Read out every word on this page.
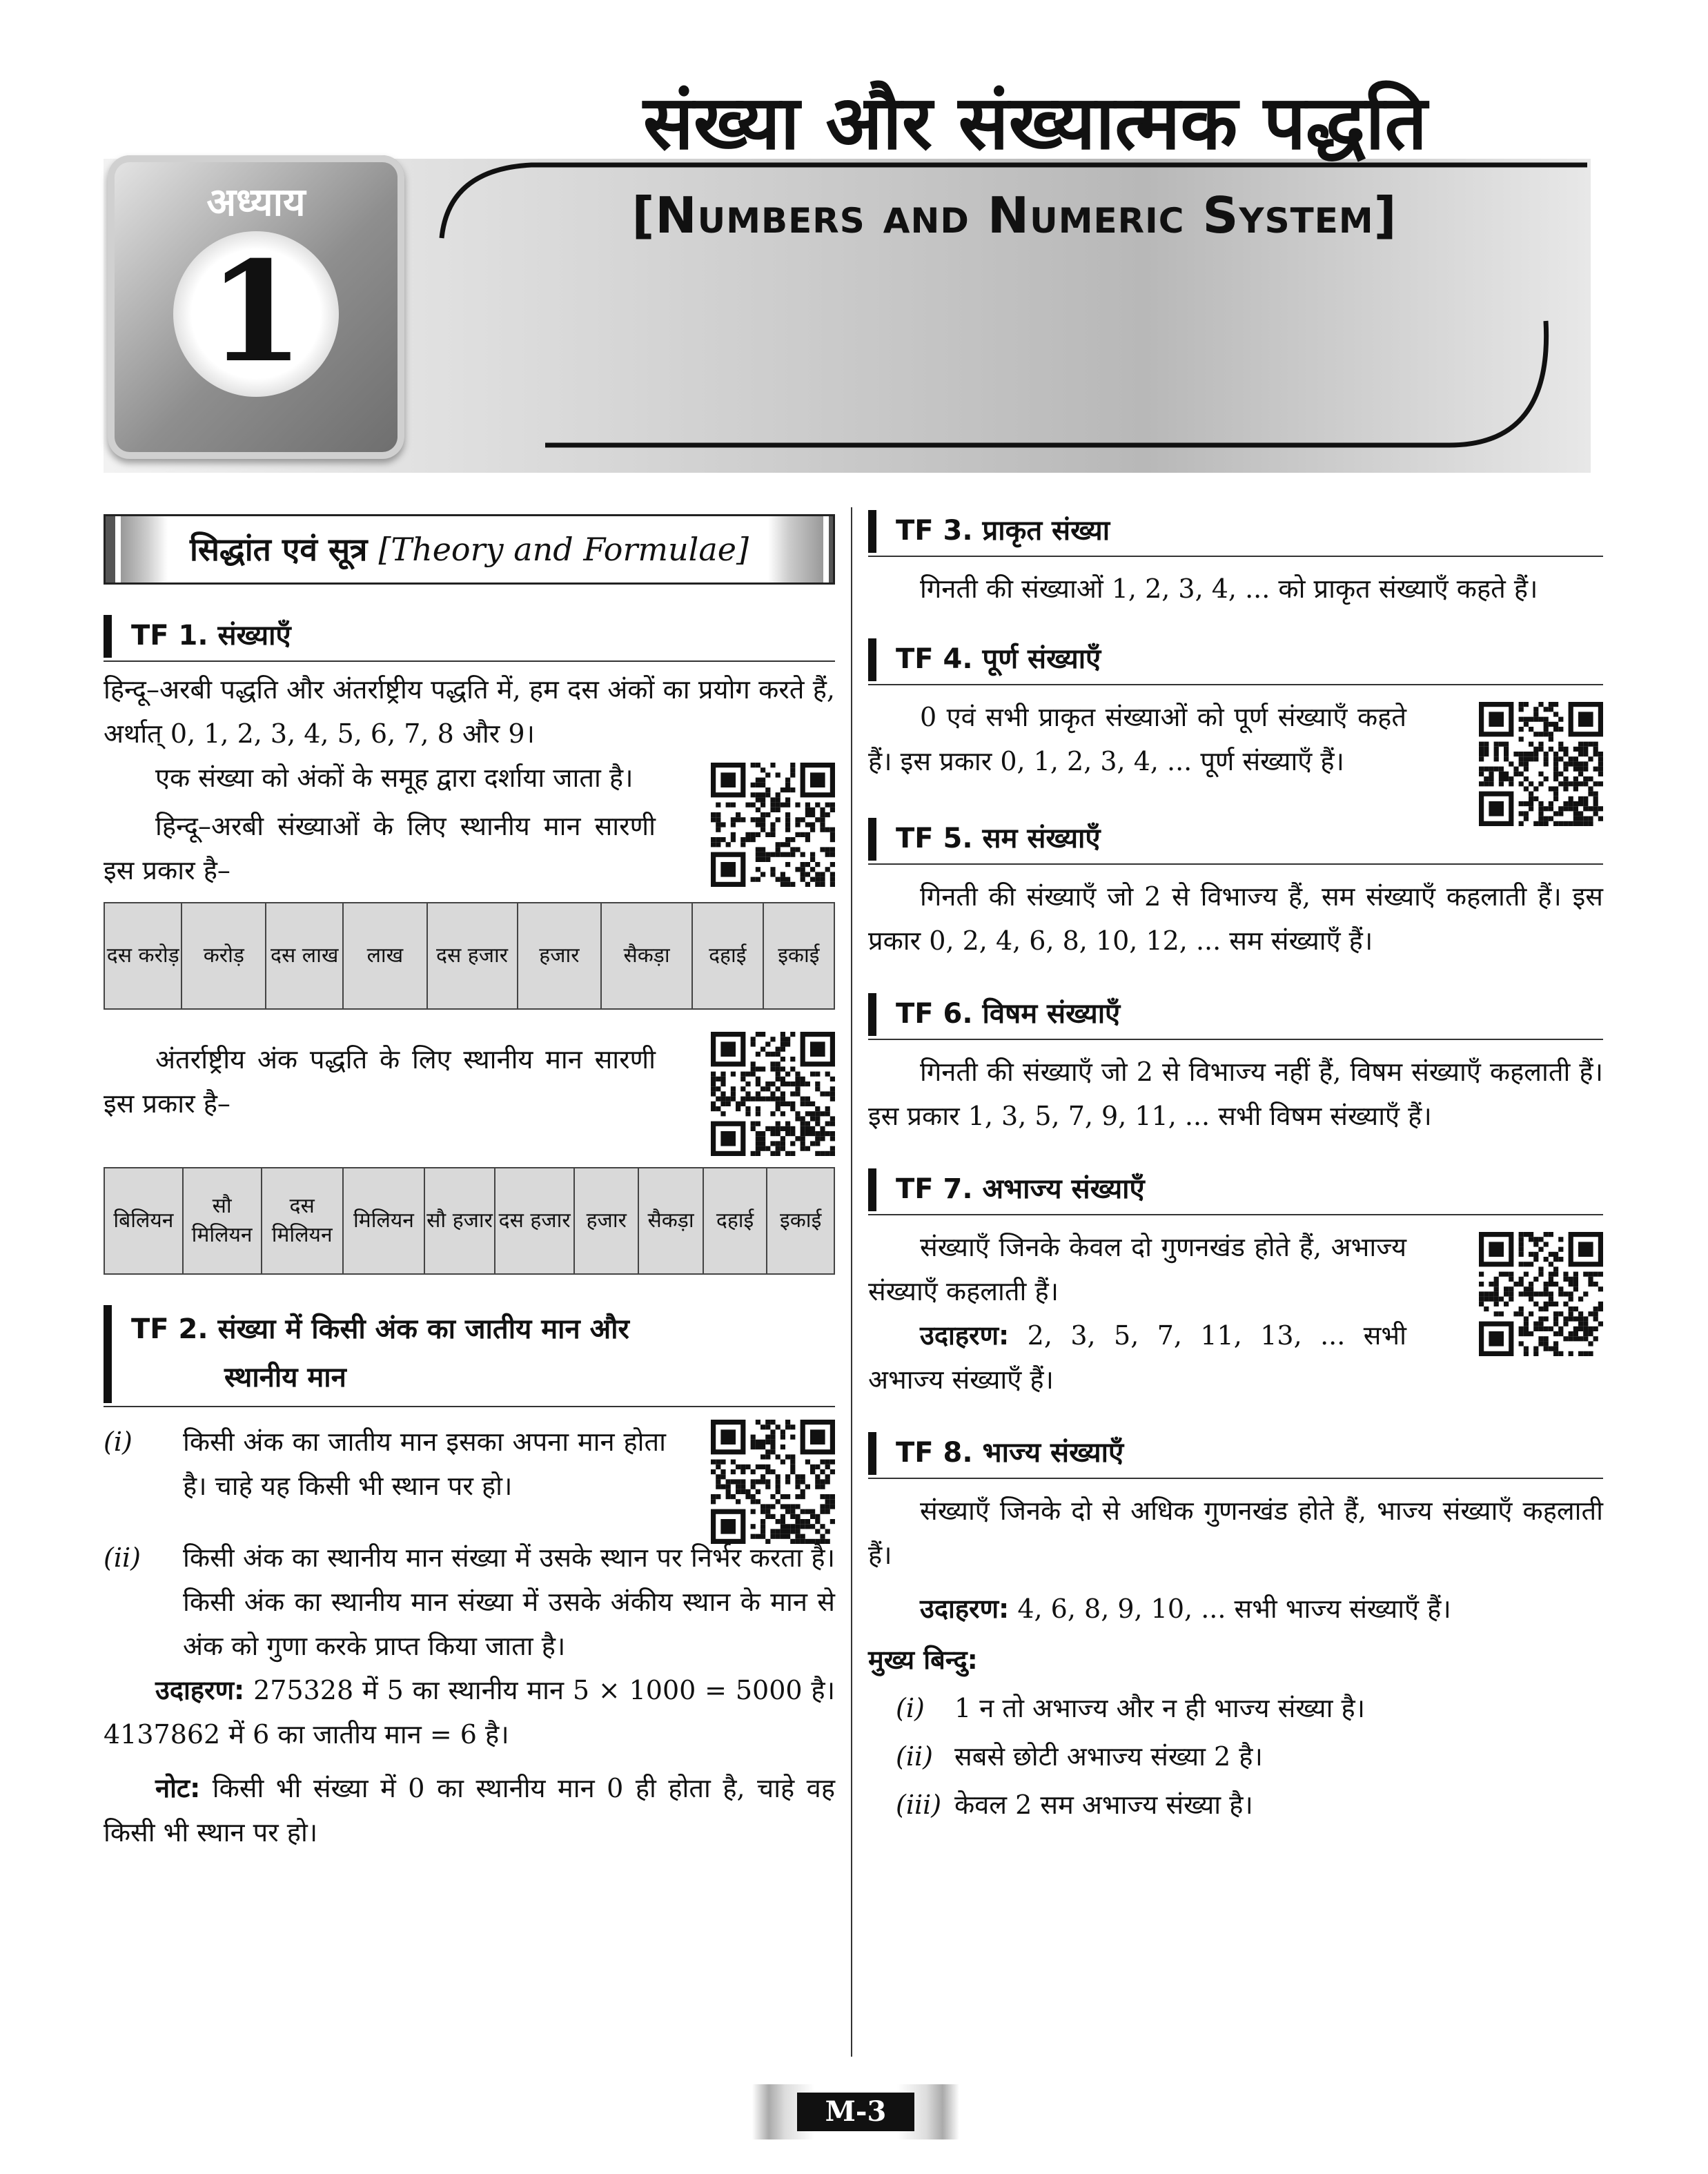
अध्याय
1
संख्या और संख्यात्मक पद्धति
[Numbers and Numeric System]
सिद्धांत एवं सूत्र [Theory and Formulae]
TF 1. संख्याएँ

हिन्दू–अरबी पद्धति और अंतर्राष्ट्रीय पद्धति में, हम दस अंकों का प्रयोग करते हैं, अर्थात् 0, 1, 2, 3, 4, 5, 6, 7, 8 और 9।

एक संख्या को अंकों के समूह द्वारा दर्शाया जाता है।

हिन्दू–अरबी संख्याओं के लिए स्थानीय मान सारणी इस प्रकार है–

दस करोड़	करोड़	दस लाख	लाख	दस हजार	हजार	सैकड़ा	दहाई	इकाई

अंतर्राष्ट्रीय अंक पद्धति के लिए स्थानीय मान सारणी इस प्रकार है–

बिलियन	सौ मिलियन	दस मिलियन	मिलियन	सौ हजार	दस हजार	हजार	सैकड़ा	दहाई	इकाई
TF 2. संख्या में किसी अंक का जातीय मान और
स्थानीय मान
(i) किसी अंक का जातीय मान इसका अपना मान होता है। चाहे यह किसी भी स्थान पर हो।
(ii) किसी अंक का स्थानीय मान संख्या में उसके स्थान पर निर्भर करता है। किसी अंक का स्थानीय मान संख्या में उसके अंकीय स्थान के मान से अंक को गुणा करके प्राप्त किया जाता है।

उदाहरण: 275328 में 5 का स्थानीय मान 5 × 1000 = 5000 है। 4137862 में 6 का जातीय मान = 6 है।

नोट: किसी भी संख्या में 0 का स्थानीय मान 0 ही होता है, चाहे वह किसी भी स्थान पर हो।

TF 3. प्राकृत संख्या

गिनती की संख्याओं 1, 2, 3, 4, ... को प्राकृत संख्याएँ कहते हैं।

TF 4. पूर्ण संख्याएँ

0 एवं सभी प्राकृत संख्याओं को पूर्ण संख्याएँ कहते हैं। इस प्रकार 0, 1, 2, 3, 4, ... पूर्ण संख्याएँ हैं।

TF 5. सम संख्याएँ

गिनती की संख्याएँ जो 2 से विभाज्य हैं, सम संख्याएँ कहलाती हैं। इस प्रकार 0, 2, 4, 6, 8, 10, 12, ... सम संख्याएँ हैं।

TF 6. विषम संख्याएँ

गिनती की संख्याएँ जो 2 से विभाज्य नहीं हैं, विषम संख्याएँ कहलाती हैं। इस प्रकार 1, 3, 5, 7, 9, 11, ... सभी विषम संख्याएँ हैं।

TF 7. अभाज्य संख्याएँ

संख्याएँ जिनके केवल दो गुणनखंड होते हैं, अभाज्य संख्याएँ कहलाती हैं।

उदाहरण: 2, 3, 5, 7, 11, 13, ... सभी अभाज्य संख्याएँ हैं।

TF 8. भाज्य संख्याएँ

संख्याएँ जिनके दो से अधिक गुणनखंड होते हैं, भाज्य संख्याएँ कहलाती हैं।

उदाहरण: 4, 6, 8, 9, 10, ... सभी भाज्य संख्याएँ हैं।

मुख्य बिन्दु:

(i) 1 न तो अभाज्य और न ही भाज्य संख्या है।
(ii) सबसे छोटी अभाज्य संख्या 2 है।
(iii) केवल 2 सम अभाज्य संख्या है।
M-3
